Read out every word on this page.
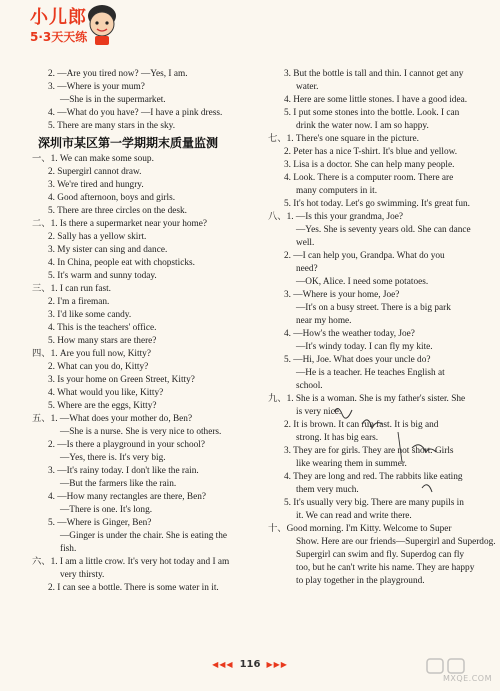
小儿郎
5·3天天练
2. —Are you tired now? —Yes, I am.
3. —Where is your mum?
—She is in the supermarket.
4. —What do you have? —I have a pink dress.
5. There are many stars in the sky.
深圳市某区第一学期期末质量监测
一、1. We can make some soup.
2. Supergirl cannot draw.
3. We're tired and hungry.
4. Good afternoon, boys and girls.
5. There are three circles on the desk.
二、1. Is there a supermarket near your home?
2. Sally has a yellow skirt.
3. My sister can sing and dance.
4. In China, people eat with chopsticks.
5. It's warm and sunny today.
三、1. I can run fast.
2. I'm a fireman.
3. I'd like some candy.
4. This is the teachers' office.
5. How many stars are there?
四、1. Are you full now, Kitty?
2. What can you do, Kitty?
3. Is your home on Green Street, Kitty?
4. What would you like, Kitty?
5. Where are the eggs, Kitty?
五、1. —What does your mother do, Ben?
—She is a nurse. She is very nice to others.
2. —Is there a playground in your school?
—Yes, there is. It's very big.
3. —It's rainy today. I don't like the rain.
—But the farmers like the rain.
4. —How many rectangles are there, Ben?
—There is one. It's long.
5. —Where is Ginger, Ben?
—Ginger is under the chair. She is eating the
fish.
六、1. I am a little crow. It's very hot today and I am
very thirsty.
2. I can see a bottle. There is some water in it.
3. But the bottle is tall and thin. I cannot get any
water.
4. Here are some little stones. I have a good idea.
5. I put some stones into the bottle. Look. I can
drink the water now. I am so happy.
七、1. There's one square in the picture.
2. Peter has a nice T-shirt. It's blue and yellow.
3. Lisa is a doctor. She can help many people.
4. Look. There is a computer room. There are
many computers in it.
5. It's hot today. Let's go swimming. It's great fun.
八、1. —Is this your grandma, Joe?
—Yes. She is seventy years old. She can dance
well.
2. —I can help you, Grandpa. What do you
need?
—OK, Alice. I need some potatoes.
3. —Where is your home, Joe?
—It's on a busy street. There is a big park
near my home.
4. —How's the weather today, Joe?
—It's windy today. I can fly my kite.
5. —Hi, Joe. What does your uncle do?
—He is a teacher. He teaches English at
school.
九、1. She is a woman. She is my father's sister. She
is very nice.
2. It is brown. It can run fast. It is big and
strong. It has big ears.
3. They are for girls. They are not short. Girls
like wearing them in summer.
4. They are long and red. The rabbits like eating
them very much.
5. It's usually very big. There are many pupils in
it. We can read and write there.
十、Good morning. I'm Kitty. Welcome to Super
Show. Here are our friends—Supergirl and Superdog.
Supergirl can swim and fly. Superdog can fly
too, but he can't write his name. They are happy
to play together in the playground.
◀◀◀ 116 ▶▶▶
MXQE.COM
